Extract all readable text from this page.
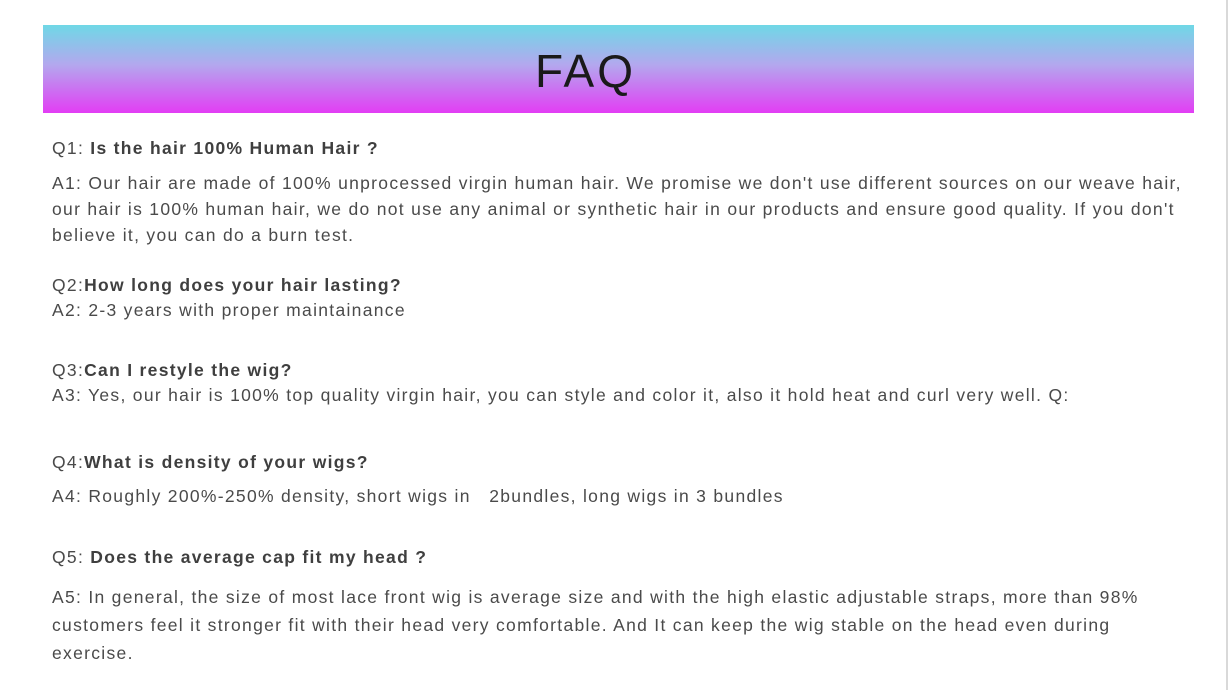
FAQ
Q1: Is the hair 100% Human Hair ?
A1: Our hair are made of 100% unprocessed virgin human hair. We promise we don't use different sources on our weave hair, our hair is 100% human hair, we do not use any animal or synthetic hair in our products and ensure good quality. If you don't believe it, you can do a burn test.
Q2:How long does your hair lasting?
A2: 2-3 years with proper maintainance
Q3:Can I restyle the wig?
A3: Yes, our hair is 100% top quality virgin hair, you can style and color it, also it hold heat and curl very well. Q:
Q4:What is density of your wigs?
A4: Roughly 200%-250% density, short wigs in   2bundles, long wigs in 3 bundles
Q5: Does the average cap fit my head ?
A5: In general, the size of most lace front wig is average size and with the high elastic adjustable straps, more than 98% customers feel it stronger fit with their head very comfortable. And It can keep the wig stable on the head even during exercise.
